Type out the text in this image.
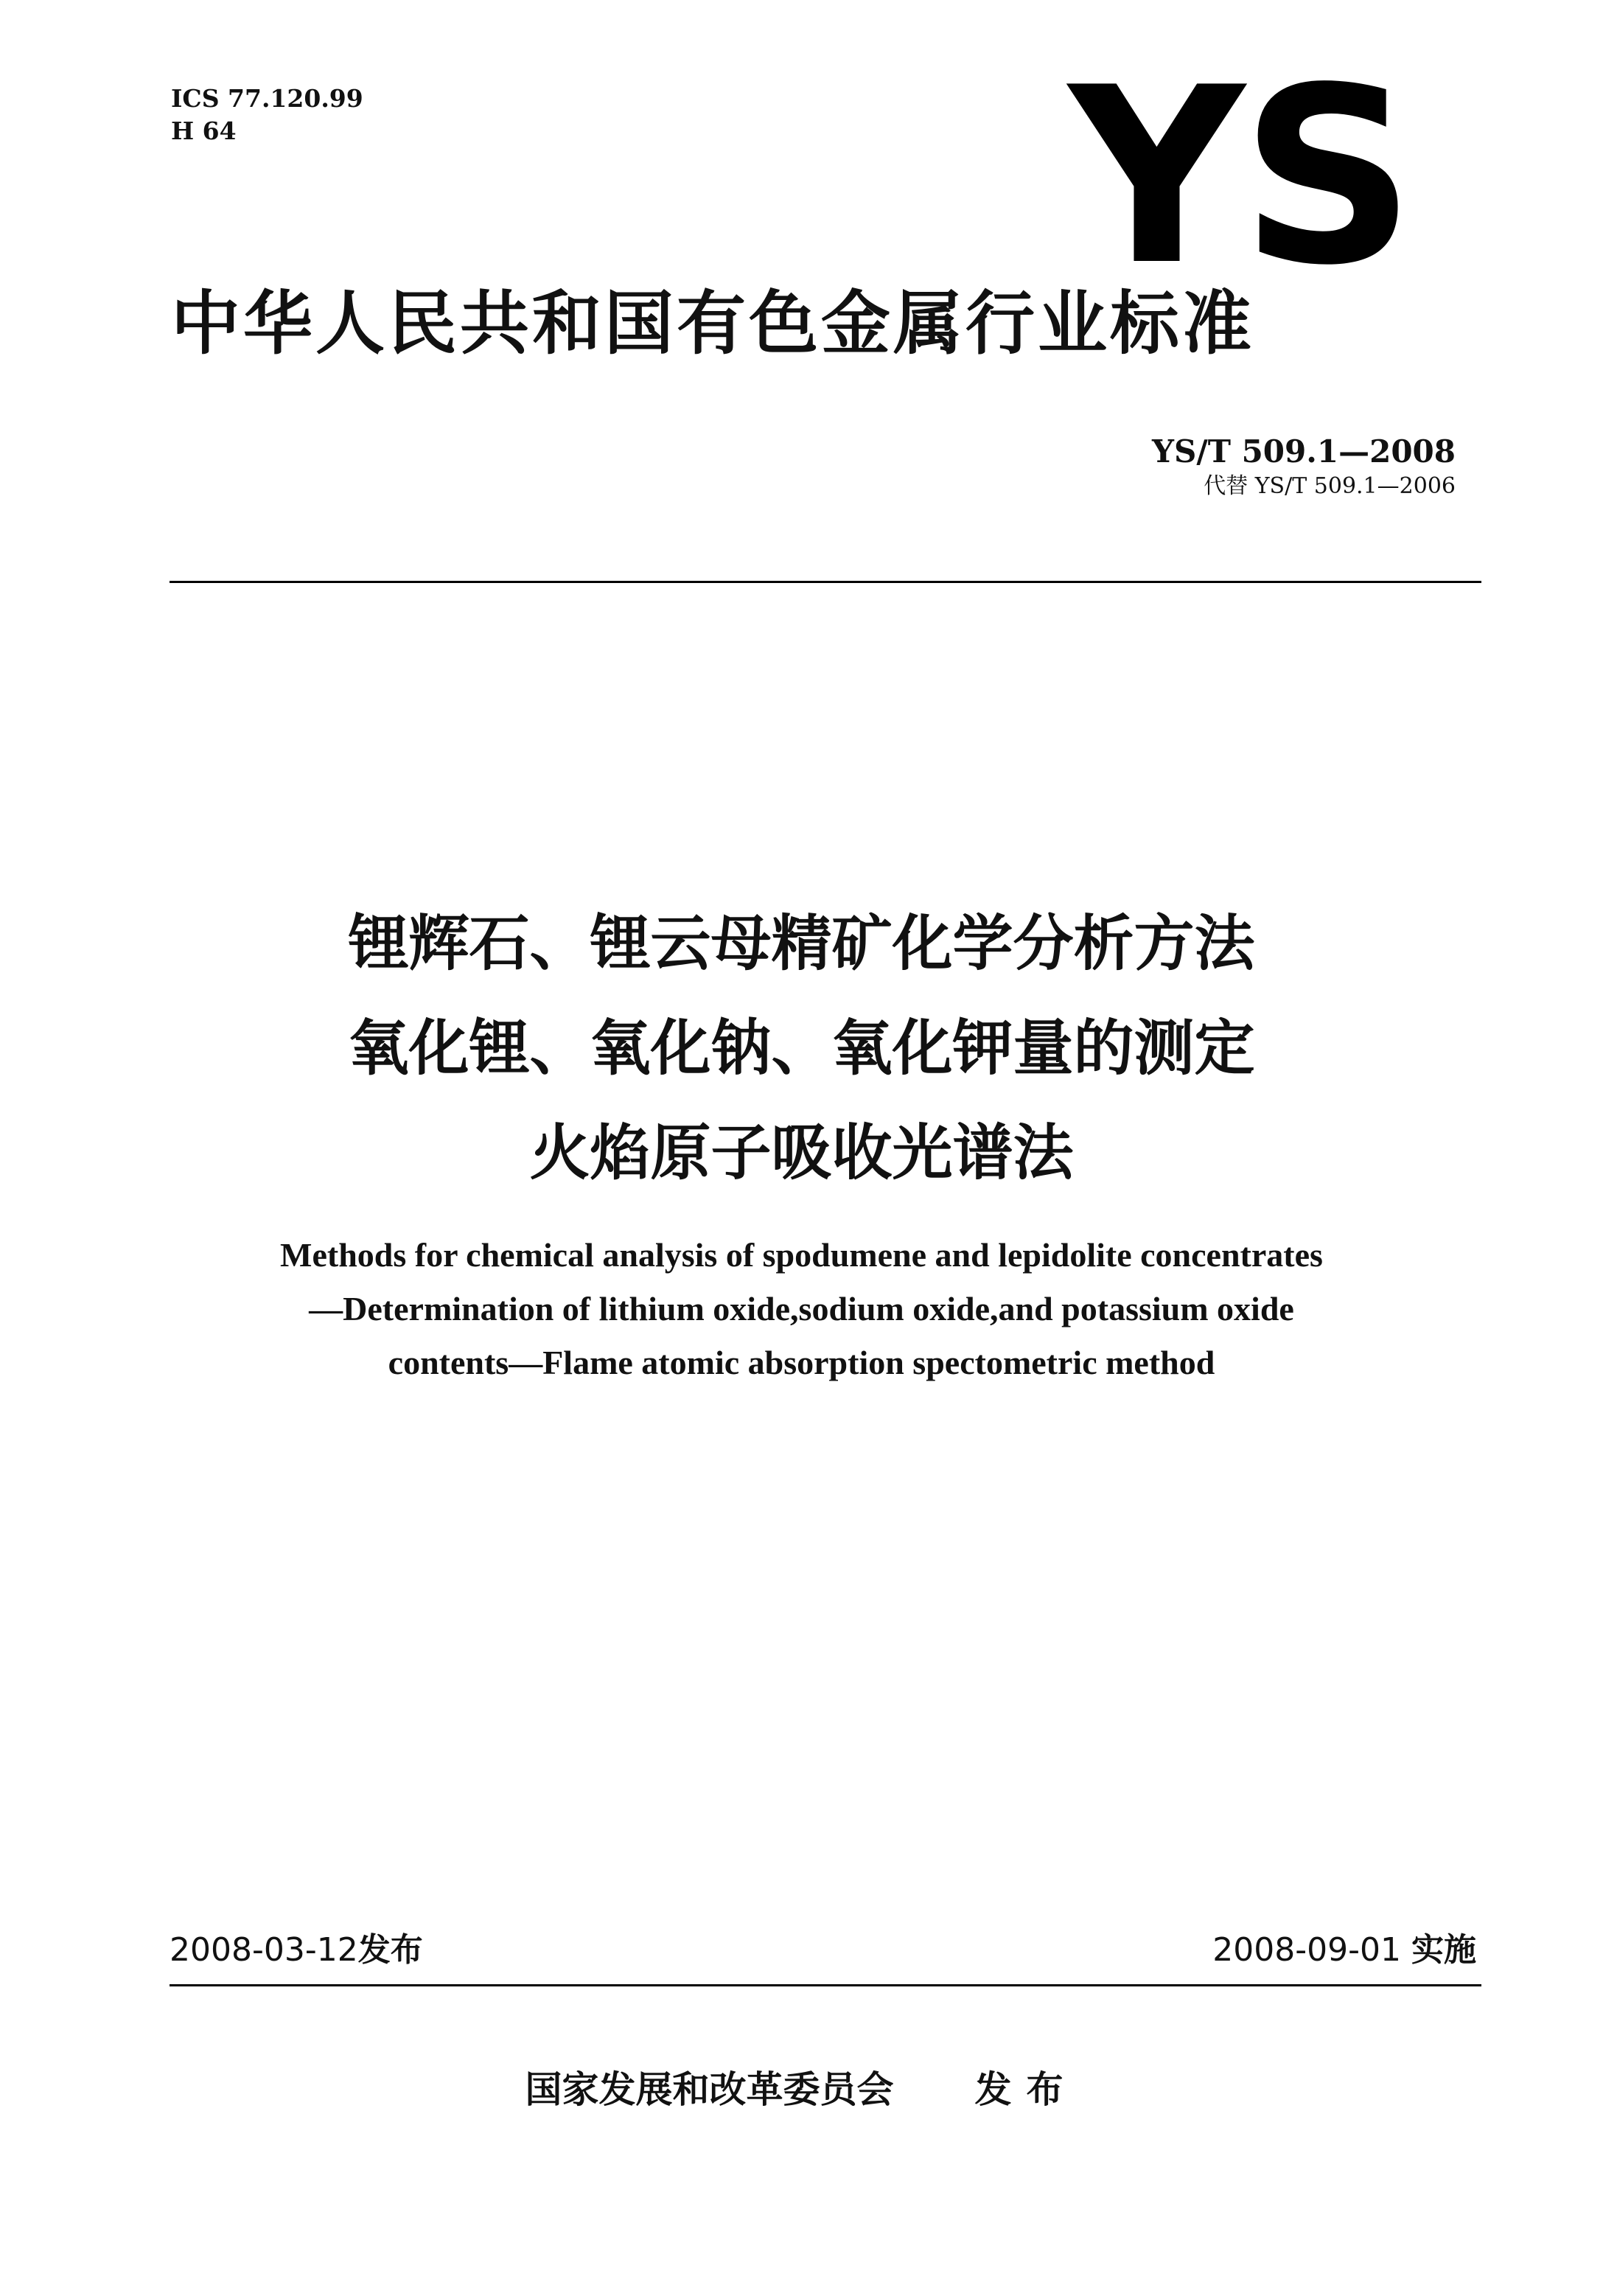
ICS 77.120.99
H 64	YS
中华人民共和国有色金属行业标准
YS/T 509.1—2008
代替 YS/T 509.1—2006
锂辉石、锂云母精矿化学分析方法
氧化锂、氧化钠、氧化钾量的测定
火焰原子吸收光谱法
Methods for chemical analysis of spodumene and lepidolite concentrates
—Determination of lithium oxide,sodium oxide,and potassium oxide
contents—Flame atomic absorption spectometric method
2008-03-12发布	2008-09-01 实施
国家发展和改革委员会 发布
